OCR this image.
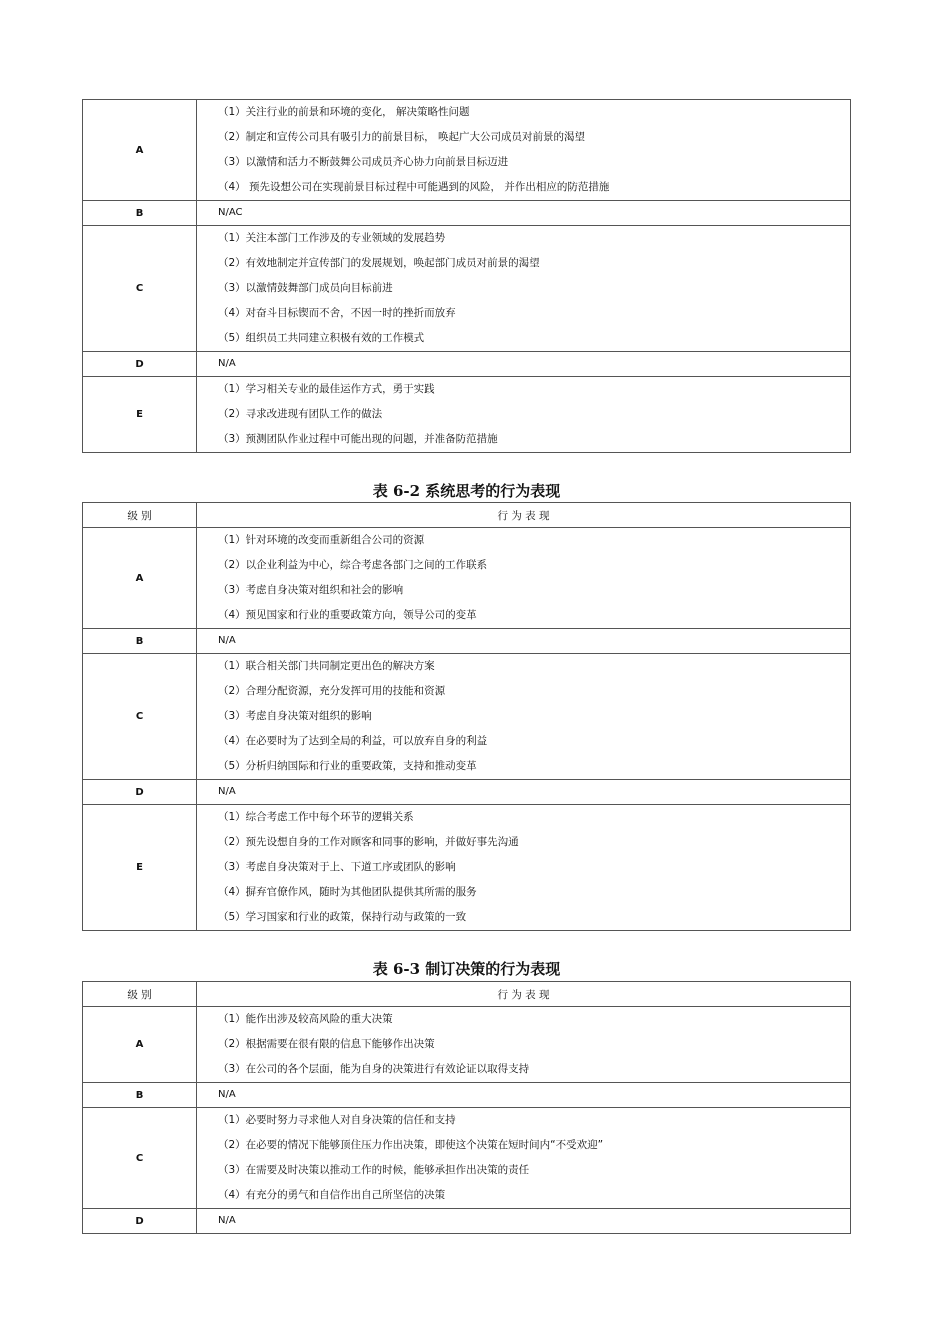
表 6-2 系统思考的行为表现
表 6-3 制订决策的行为表现
A	（1）关注行业的前景和环境的变化， 解决策略性问题
（2）制定和宣传公司具有吸引力的前景目标， 唤起广大公司成员对前景的渴望
（3）以激情和活力不断鼓舞公司成员齐心协力向前景目标迈进
（4） 预先设想公司在实现前景目标过程中可能遇到的风险， 并作出相应的防范措施

B	N/AC

C	（1）关注本部门工作涉及的专业领域的发展趋势
（2）有效地制定并宣传部门的发展规划，唤起部门成员对前景的渴望
（3）以激情鼓舞部门成员向目标前进
（4）对奋斗目标锲而不舍，不因一时的挫折而放弃
（5）组织员工共同建立积极有效的工作模式

D	N/A

E	（1）学习相关专业的最佳运作方式，勇于实践
（2）寻求改进现有团队工作的做法
（3）预测团队作业过程中可能出现的问题，并准备防范措施
级 别	行 为 表 现
A	（1）针对环境的改变而重新组合公司的资源
（2）以企业利益为中心，综合考虑各部门之间的工作联系
（3）考虑自身决策对组织和社会的影响
（4）预见国家和行业的重要政策方向，领导公司的变革

B	N/A

C	（1）联合相关部门共同制定更出色的解决方案
（2）合理分配资源，充分发挥可用的技能和资源
（3）考虑自身决策对组织的影响
（4）在必要时为了达到全局的利益，可以放弃自身的利益
（5）分析归纳国际和行业的重要政策，支持和推动变革

D	N/A

E	（1）综合考虑工作中每个环节的逻辑关系
（2）预先设想自身的工作对顾客和同事的影响，并做好事先沟通
（3）考虑自身决策对于上、下道工序或团队的影响
（4）摒弃官僚作风，随时为其他团队提供其所需的服务
（5）学习国家和行业的政策，保持行动与政策的一致
级 别	行 为 表 现
A	（1）能作出涉及较高风险的重大决策
（2）根据需要在很有限的信息下能够作出决策
（3）在公司的各个层面，能为自身的决策进行有效论证以取得支持

B	N/A

C	（1）必要时努力寻求他人对自身决策的信任和支持
（2）在必要的情况下能够顶住压力作出决策，即使这个决策在短时间内“不受欢迎”
（3）在需要及时决策以推动工作的时候，能够承担作出决策的责任
（4）有充分的勇气和自信作出自己所坚信的决策

D	N/A
